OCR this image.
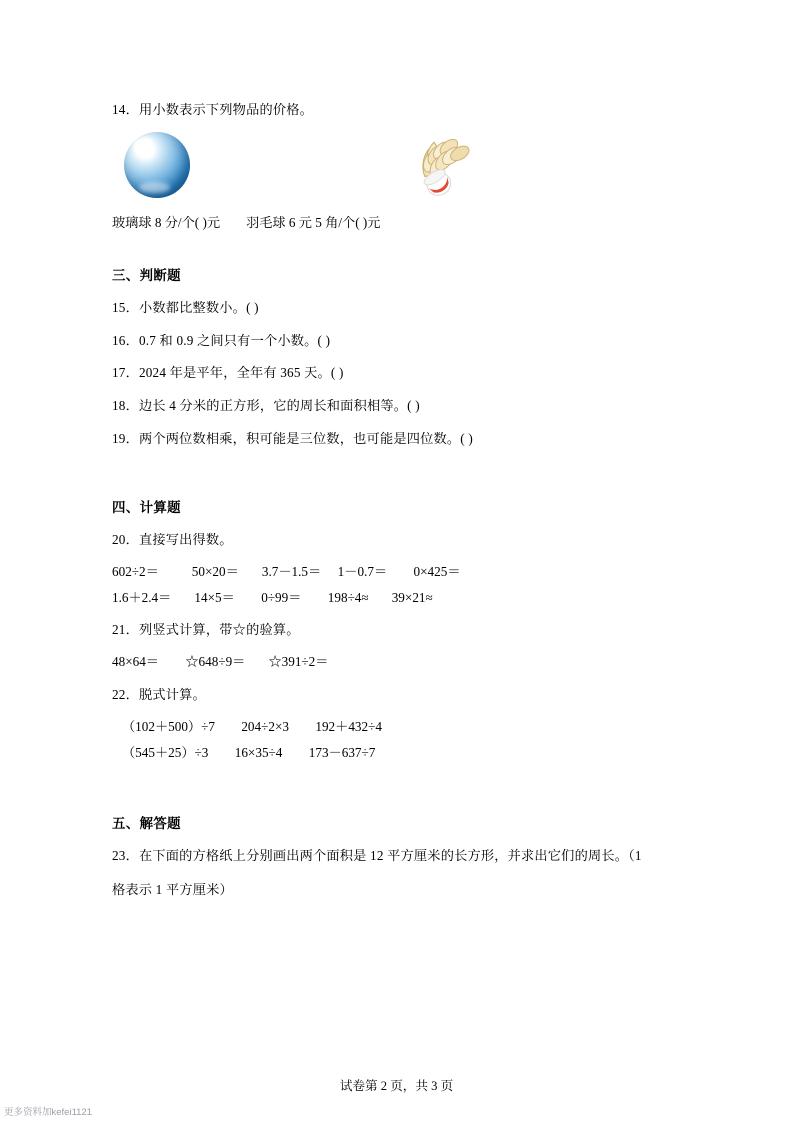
14．用小数表示下列物品的价格。
玻璃球 8 分/个( )元 羽毛球 6 元 5 角/个( )元
三、判断题
15．小数都比整数小。( )
16．0.7 和 0.9 之间只有一个小数。( )
17．2024 年是平年，全年有 365 天。( )
18．边长 4 分米的正方形，它的周长和面积相等。( )
19．两个两位数相乘，积可能是三位数，也可能是四位数。( )
四、计算题
20．直接写出得数。
602÷2＝          50×20＝       3.7－1.5＝     1－0.7＝        0×425＝
1.6＋2.4＝       14×5＝        0÷99＝        198÷4≈       39×21≈
21．列竖式计算，带☆的验算。
48×64＝        ☆648÷9＝       ☆391÷2＝
22．脱式计算。
（102＋500）÷7        204÷2×3        192＋432÷4
（545＋25）÷3        16×35÷4        173－637÷7
五、解答题
23．在下面的方格纸上分别画出两个面积是 12 平方厘米的长方形，并求出它们的周长。（1
格表示 1 平方厘米）
试卷第 2 页，共 3 页
更多资料加kefei1121
